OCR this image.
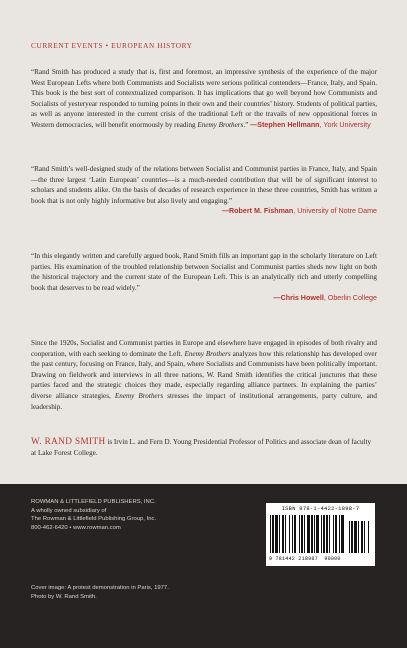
CURRENT EVENTS • EUROPEAN HISTORY
“Rand Smith has produced a study that is, first and foremost, an impressive synthesis of the experience of the major West European Lefts where both Communists and Socialists were serious political contenders—France, Italy, and Spain. This book is the best sort of contextualized comparison. It has implications that go well beyond how Communists and Socialists of yesteryear responded to turning points in their own and their countries’ history. Students of political parties, as well as anyone interested in the current crisis of the traditional Left or the travails of new oppositional forces in Western democracies, will benefit enormously by reading Enemy Brothers.” —Stephen Hellmann, York University
“Rand Smith’s well-designed study of the relations between Socialist and Communist parties in France, Italy, and Spain—the three largest ‘Latin European’ countries—is a much-needed contribution that will be of significant interest to scholars and students alike. On the basis of decades of research experience in these three countries, Smith has written a book that is not only highly informative but also lively and engaging.”
—Robert M. Fishman, University of Notre Dame
“In this elegantly written and carefully argued book, Rand Smith fills an important gap in the scholarly literature on Left parties. His examination of the troubled relationship between Socialist and Communist parties sheds new light on both the historical trajectory and the current state of the European Left. This is an analytically rich and utterly compelling book that deserves to be read widely.”
—Chris Howell, Oberlin College
Since the 1920s, Socialist and Communist parties in Europe and elsewhere have engaged in episodes of both rivalry and cooperation, with each seeking to dominate the Left. Enemy Brothers analyzes how this relationship has developed over the past century, focusing on France, Italy, and Spain, where Socialists and Communists have been politically important. Drawing on fieldwork and interviews in all three nations, W. Rand Smith identifies the critical junctures that these parties faced and the strategic choices they made, especially regarding alliance partners. In explaining the parties’ diverse alliance strategies, Enemy Brothers stresses the impact of institutional arrangements, party culture, and leadership.
W. RAND SMITH is Irvin L. and Fern D. Young Presidential Professor of Politics and associate dean of faculty at Lake Forest College.
ROWMAN & LITTLEFIELD PUBLISHERS, INC.
A wholly owned subsidiary of
The Rowman & Littlefield Publishing Group, Inc.
800-462-6420 • www.rowman.com
Cover image: A protest demonstration in Paris, 1977.
Photo by W. Rand Smith.
ISBN 978-1-4422-1898-7
9 781442 218987 90000
